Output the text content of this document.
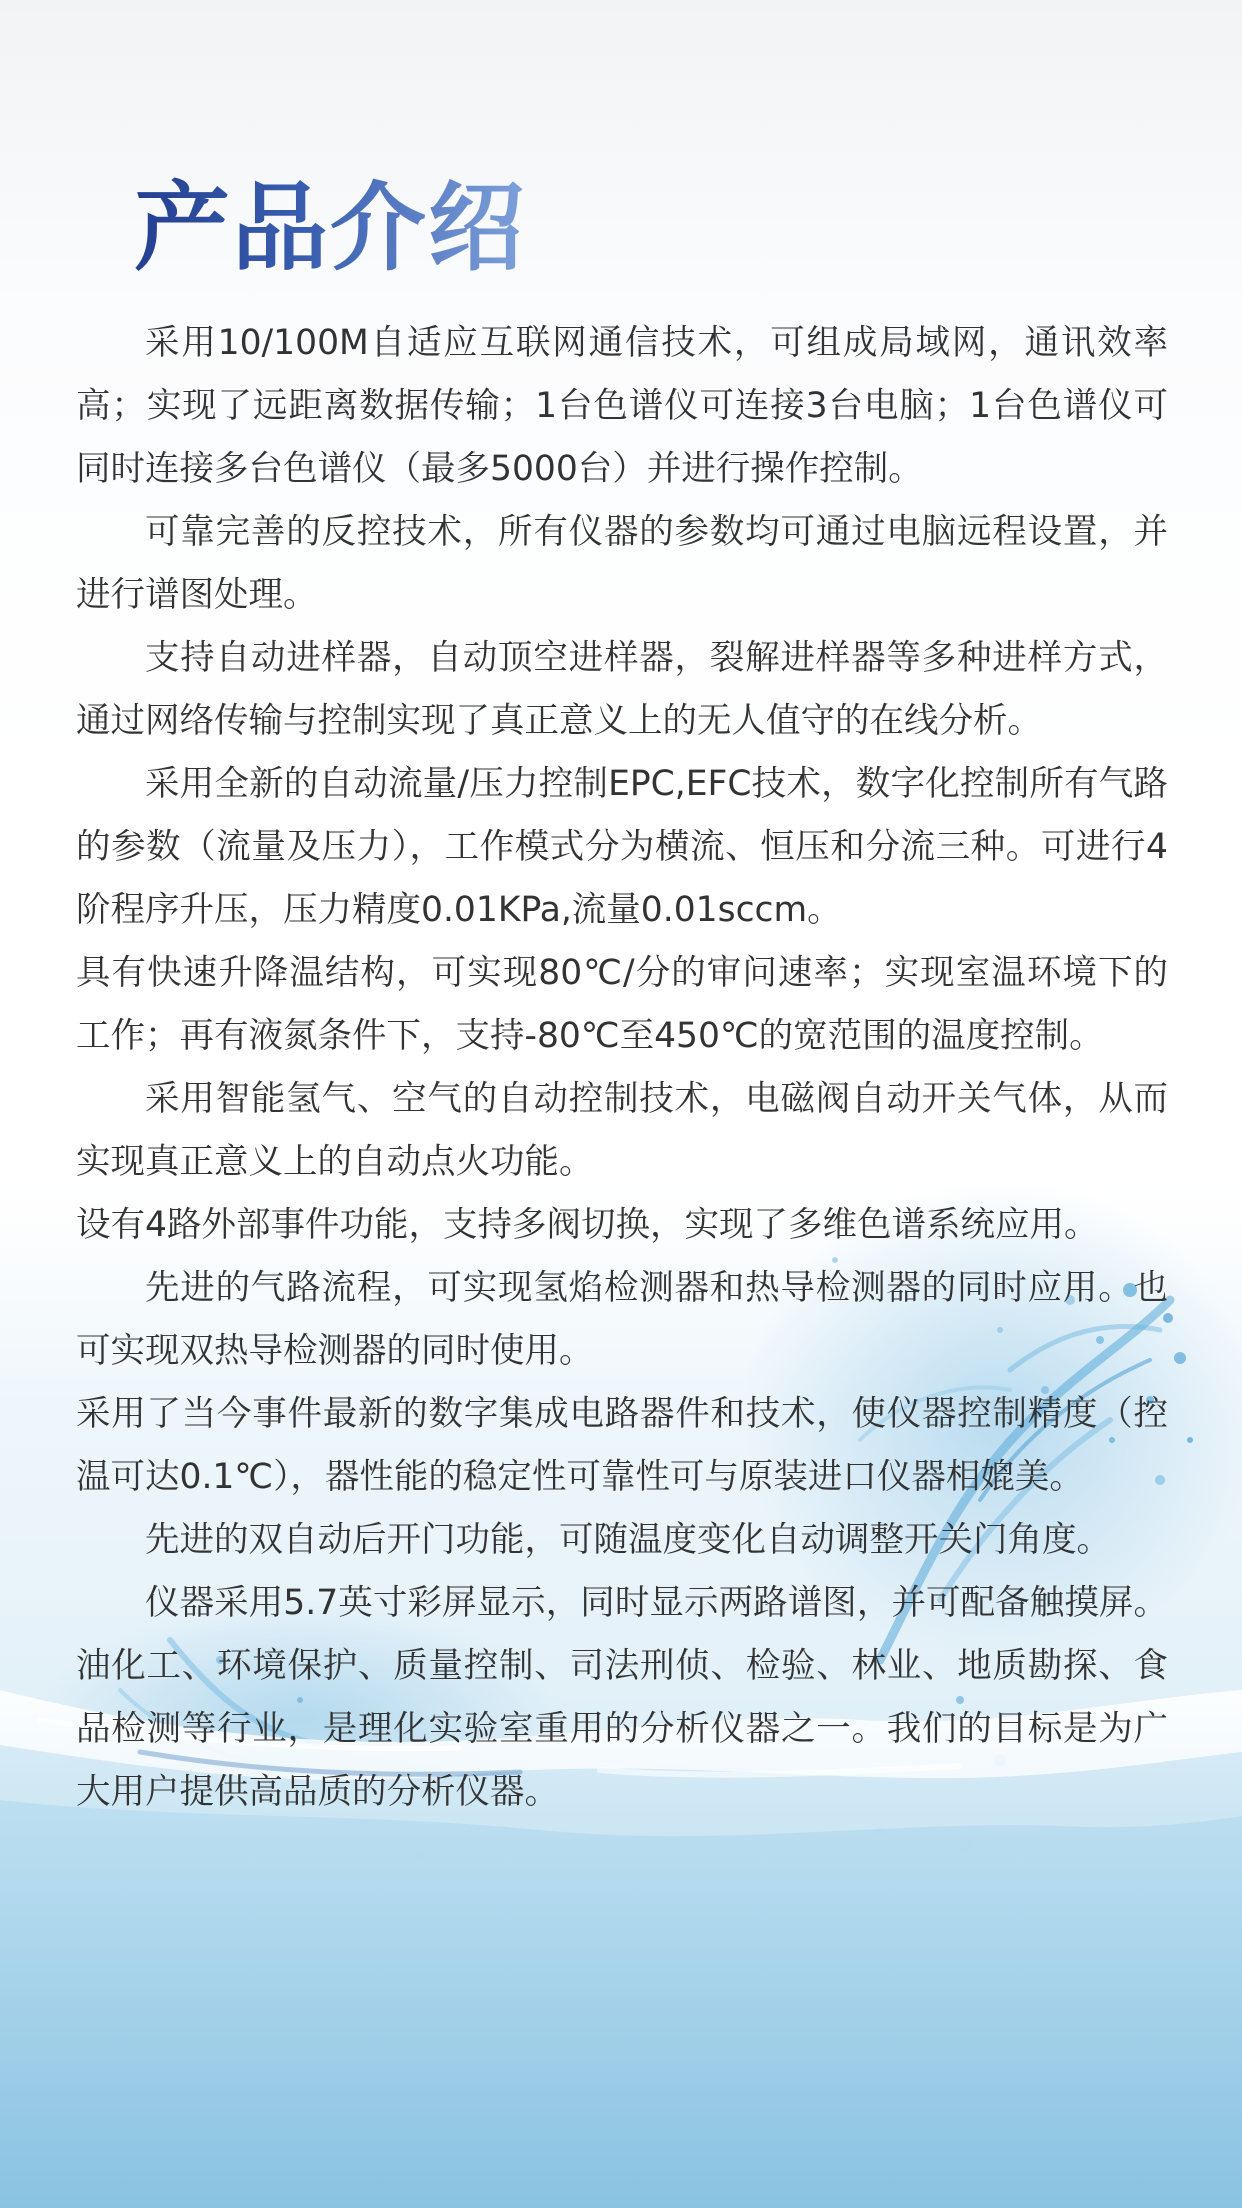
产品介绍

采用10/100M自适应互联网通信技术，可组成局域网，通讯效率高；实现了远距离数据传输；1台色谱仪可连接3台电脑；1台色谱仪可同时连接多台色谱仪（最多5000台）并进行操作控制。

可靠完善的反控技术，所有仪器的参数均可通过电脑远程设置，并进行谱图处理。

支持自动进样器，自动顶空进样器，裂解进样器等多种进样方式，通过网络传输与控制实现了真正意义上的无人值守的在线分析。

采用全新的自动流量/压力控制EPC,EFC技术，数字化控制所有气路的参数（流量及压力），工作模式分为横流、恒压和分流三种。可进行4阶程序升压，压力精度0.01KPa,流量0.01sccm。

具有快速升降温结构，可实现80℃/分的审问速率；实现室温环境下的工作；再有液氮条件下，支持-80℃至450℃的宽范围的温度控制。

采用智能氢气、空气的自动控制技术，电磁阀自动开关气体，从而实现真正意义上的自动点火功能。

设有4路外部事件功能，支持多阀切换，实现了多维色谱系统应用。

先进的气路流程，可实现氢焰检测器和热导检测器的同时应用。也可实现双热导检测器的同时使用。

采用了当今事件最新的数字集成电路器件和技术，使仪器控制精度（控温可达0.1℃），器性能的稳定性可靠性可与原装进口仪器相媲美。

先进的双自动后开门功能，可随温度变化自动调整开关门角度。

仪器采用5.7英寸彩屏显示，同时显示两路谱图，并可配备触摸屏。油化工、环境保护、质量控制、司法刑侦、检验、林业、地质勘探、食品检测等行业，是理化实验室重用的分析仪器之一。我们的目标是为广大用户提供高品质的分析仪器。
